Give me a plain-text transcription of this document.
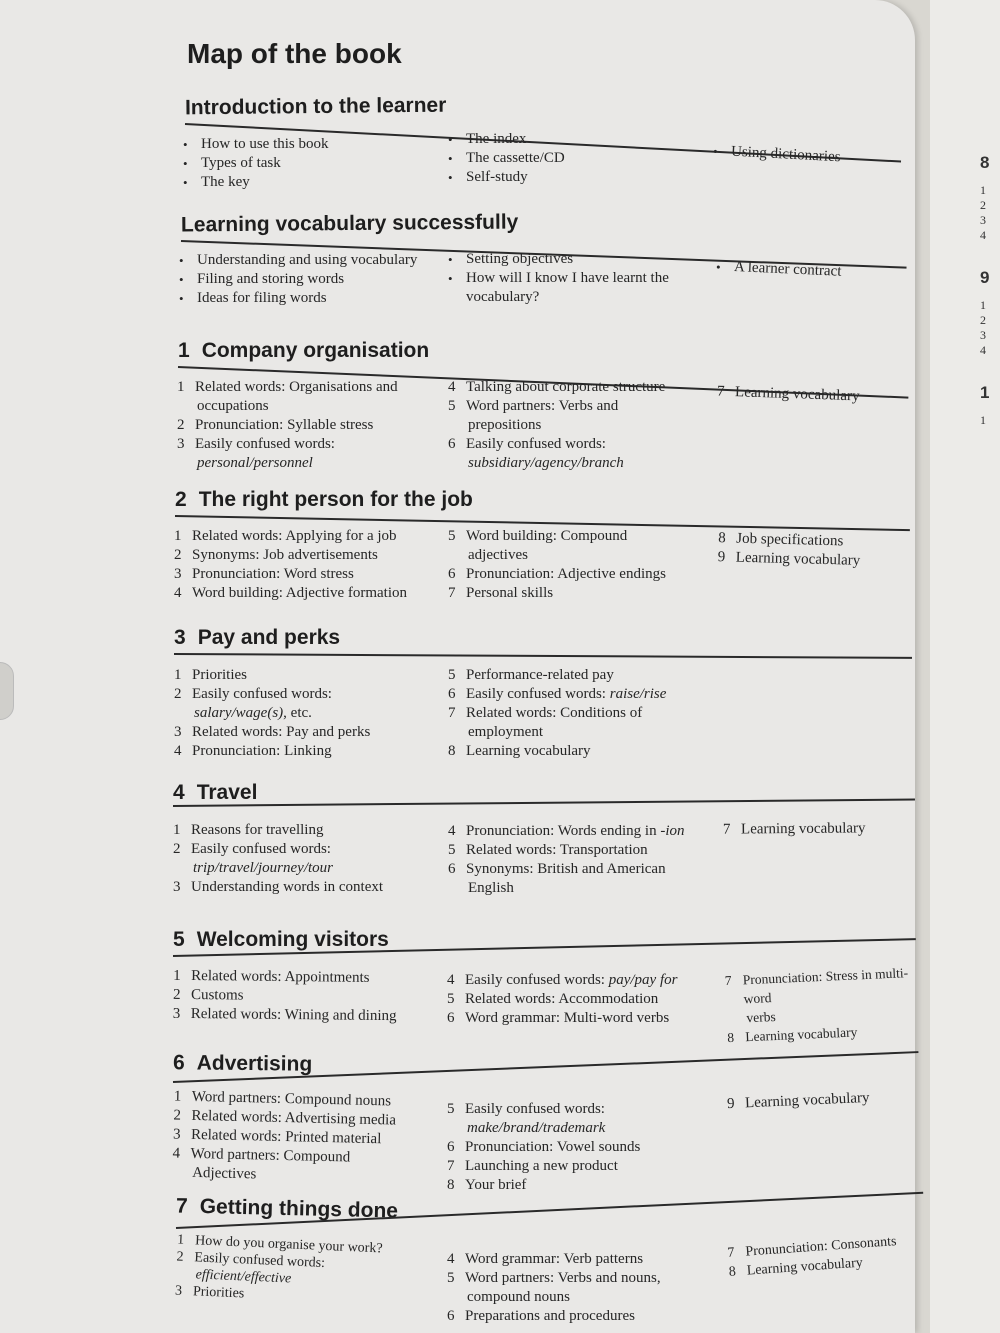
Map of the book
Introduction to the learner
• How to use this book
• Types of task
• The key
• The index
• The cassette/CD
• Self-study
• Using dictionaries
Learning vocabulary successfully
• Understanding and using vocabulary
• Filing and storing words
• Ideas for filing words
• Setting objectives
• How will I know I have learnt the
vocabulary?
• A learner contract
1 Company organisation
1 Related words: Organisations and
occupations
2 Pronunciation: Syllable stress
3 Easily confused words:
personal/personnel
4 Talking about corporate structure
5 Word partners: Verbs and
prepositions
6 Easily confused words:
subsidiary/agency/branch
7 Learning vocabulary
2 The right person for the job
1 Related words: Applying for a job
2 Synonyms: Job advertisements
3 Pronunciation: Word stress
4 Word building: Adjective formation
5 Word building: Compound
adjectives
6 Pronunciation: Adjective endings
7 Personal skills
8 Job specifications
9 Learning vocabulary
3 Pay and perks
1 Priorities
2 Easily confused words:
salary/wage(s), etc.
3 Related words: Pay and perks
4 Pronunciation: Linking
5 Performance-related pay
6 Easily confused words: raise/rise
7 Related words: Conditions of
employment
8 Learning vocabulary
4 Travel
1 Reasons for travelling
2 Easily confused words:
trip/travel/journey/tour
3 Understanding words in context
4 Pronunciation: Words ending in -ion
5 Related words: Transportation
6 Synonyms: British and American
English
7 Learning vocabulary
5 Welcoming visitors
1 Related words: Appointments
2 Customs
3 Related words: Wining and dining
4 Easily confused words: pay/pay for
5 Related words: Accommodation
6 Word grammar: Multi-word verbs
7 Pronunciation: Stress in multi-word
verbs
8 Learning vocabulary
6 Advertising
1 Word partners: Compound nouns
2 Related words: Advertising media
3 Related words: Printed material
4 Word partners: Compound
Adjectives
5 Easily confused words:
make/brand/trademark
6 Pronunciation: Vowel sounds
7 Launching a new product
8 Your brief
9 Learning vocabulary
7 Getting things done
1 How do you organise your work?
2 Easily confused words:
efficient/effective
3 Priorities
4 Word grammar: Verb patterns
5 Word partners: Verbs and nouns,
compound nouns
6 Preparations and procedures
7 Pronunciation: Consonants
8 Learning vocabulary
8
1
2
3
4
9
1
2
3
4
1
1
